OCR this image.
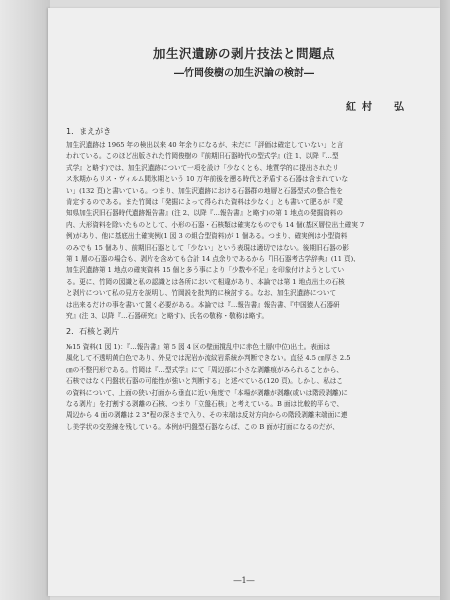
加生沢遺跡の剥片技法と問題点
―竹岡俊樹の加生沢論の検討―
紅村　弘
1．まえがき
加生沢遺跡は 1965 年の検出以来 40 年余りになるが、未だに「評価は確定していない」と言
われている。このほど出版された竹岡俊樹の『前期旧石器時代の型式学』(注 1、以降『…型
式学』と略す)では、加生沢遺跡について一項を設け「少なくとも、地質学的に提出されたリ
ス氷期からリス・ヴィルム間氷期という 10 万年前後を遡る時代と矛盾する石器は含まれていな
い」(132 頁)と書いている。つまり、加生沢遺跡における石器群の地層と石器型式の整合性を
肯定するのである。また竹岡は「発掘によって得られた資料は少なく」とも書いて肥るが『愛
知県加生沢旧石器時代遺跡報告書』(注 2、以降『…報告書』と略す)の第 1 地点の発掘資料の
内、大形資料を除いたものとして、小形の石器・石核類は確実なものでも 14 個(基区層位出土確実 7
例)があり、他に基底出土確実例(1 図 3 の組合型資料)が 1 個ある。つまり、確実例は小型資料
のみでも 15 個あり、前期旧石器として「少ない」という表現は適切ではない。後期旧石器の影
第 1 層の石器の場合も、剥片を含めても合計 14 点余りであるから『旧石器考古学辞典』(11 頁)、
加生沢遺跡第 1 地点の確実資料 15 個と多う事により「少数や不足」を印象付けようとしてい
る。更に、竹岡の図識と私の認識とは各所において相違があり、本論では第 1 地点出土の石核
と剥片について私の見方を説明し、竹岡説を批判的に検討する。なお、加生沢遺跡について
は出来るだけの事を書いて置く必要がある。本論では『…報告書』報告書、『中国猿人石器研
究』(注 3、以降『…石器研究』と略す)、氏名の敬称・敬称は略す。
2．石核と剥片
№15 資料(1 図 1)：『…報告書』第 5 図 4 区の壁面撹乱中に赤色土層(中位)出土。表面は
風化して不透明黄白色であり、外見では泥岩か流紋岩系統か判断できない。直径 4.5 ㎝厚さ 2.5
㎝の不整円形である。竹岡は『…型式学』にて「周辺部に小さな剥離痕がみられることから、
石核ではなく円盤状石器の可能性が強いと判断する」と述べている(120 頁)。しかし、私はこ
の資料について、上面の狭い打面から垂直に近い角度で「本場が剥離が剥離(或いは階段剥離)に
なる剥片」を打割する剥離の石核、つまり「立盤石核」と考えている。B 面は比較的平らで、
周辺から 4 面の剥離は 2 3°程の深さまで入り、その末端は反対方向からの階段剥離末端面に連
し美学状の交差線を残している。本例が円盤型石器ならば、この B 面が打面になるのだが、
―1―
